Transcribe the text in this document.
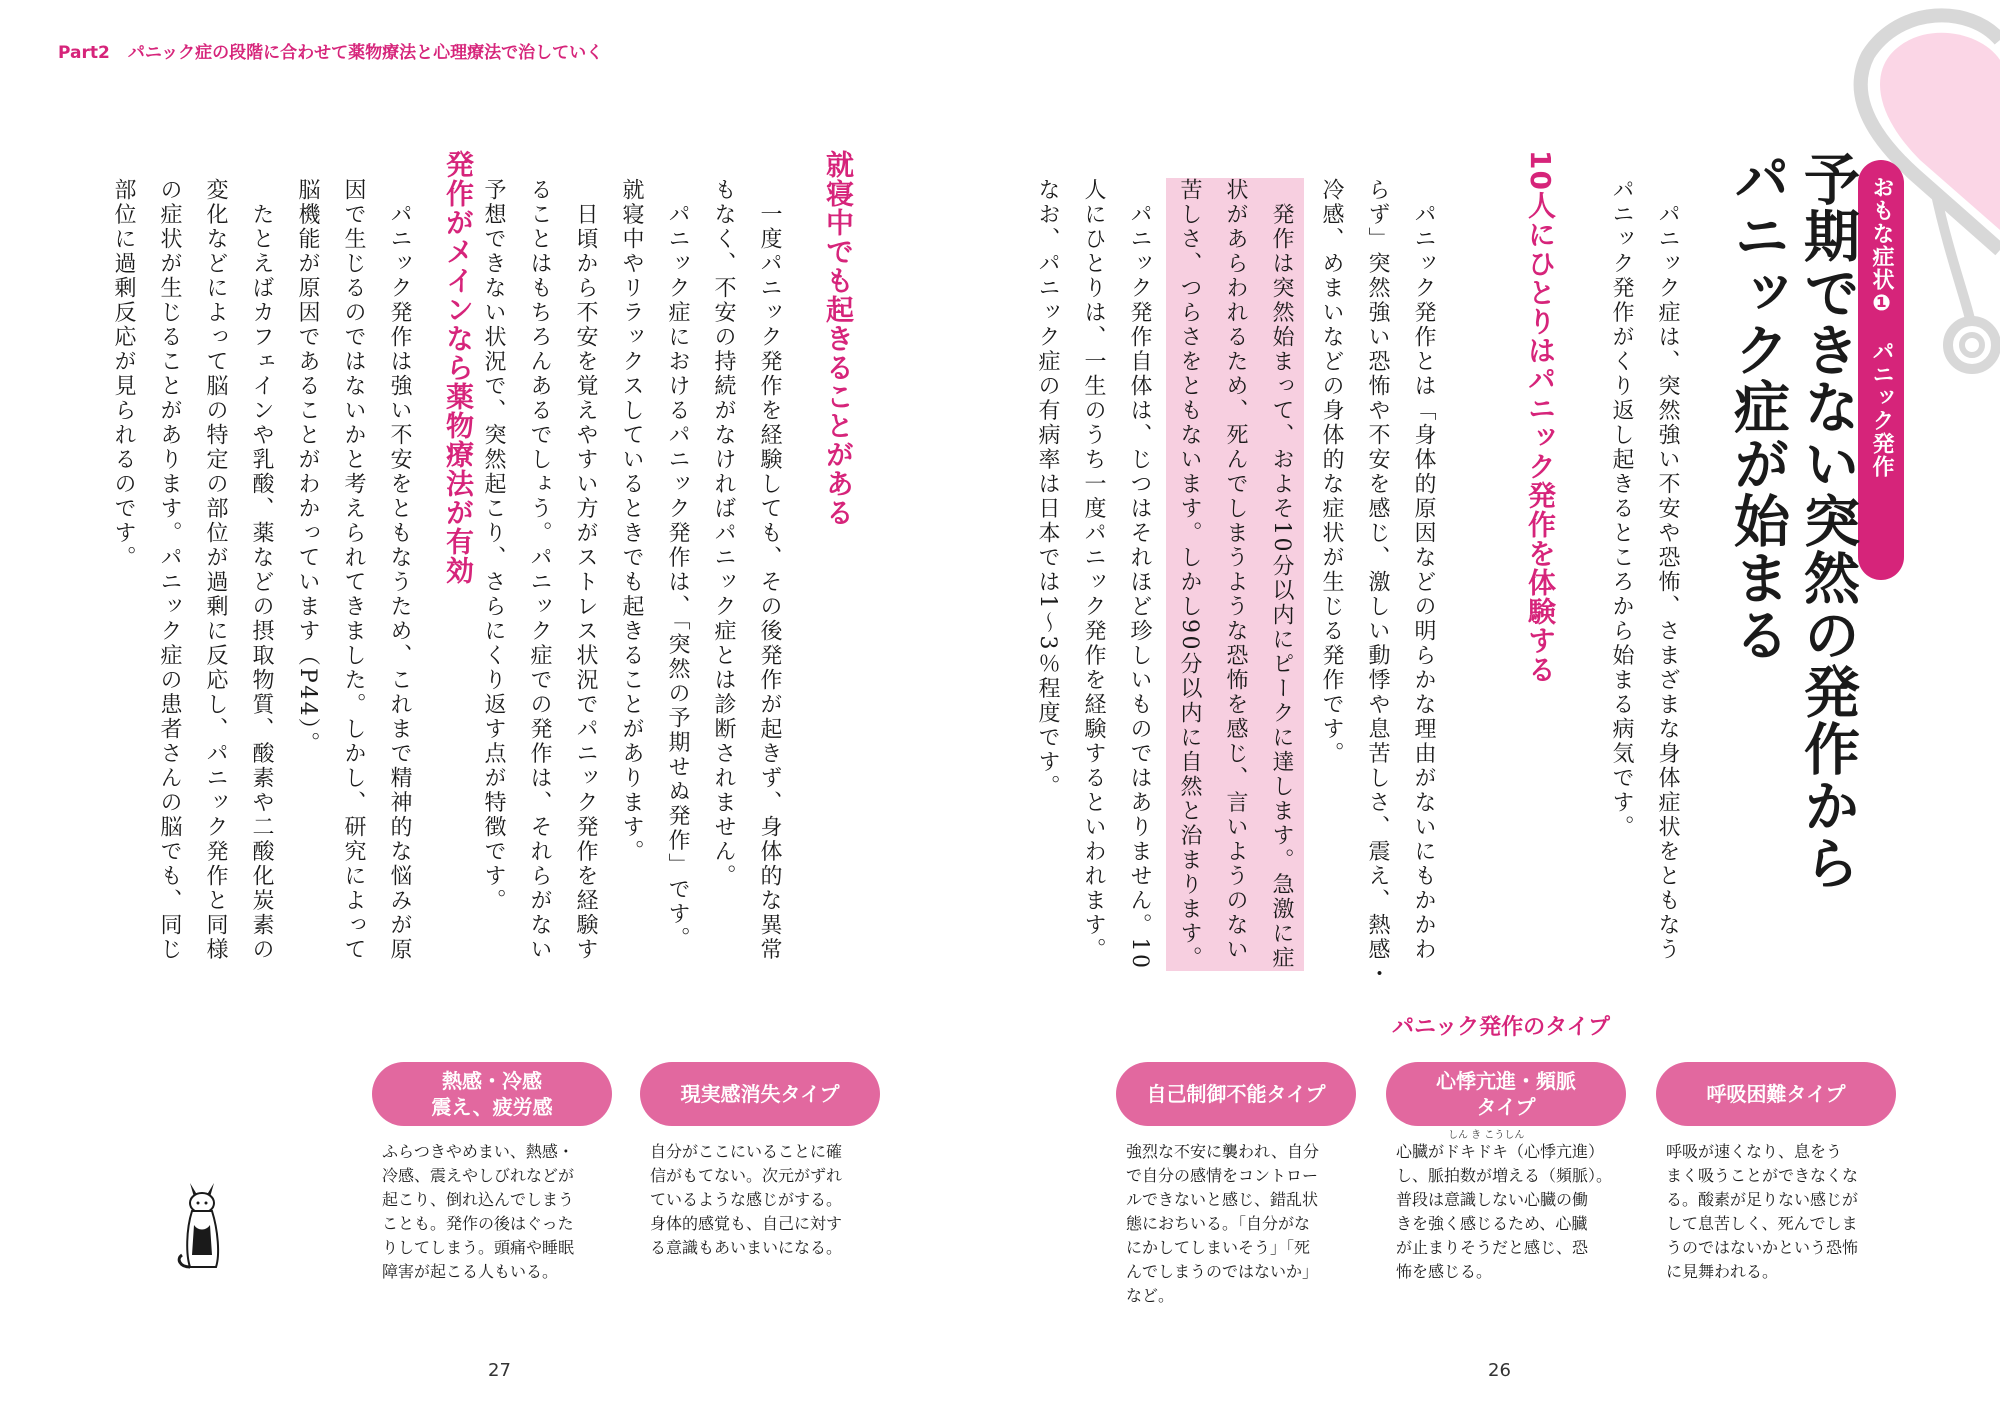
Part2 パニック症の段階に合わせて薬物療法と心理療法で治していく
おもな症状❶　パニック発作
予期できない突然の発作から
パニック症が始まる
　パニック症は、突然強い不安や恐怖、さまざまな身体症状をともなう
パニック発作がくり返し起きるところから始まる病気です。
10人にひとりはパニック発作を体験する
　パニック発作とは「身体的原因などの明らかな理由がないにもかかわ
らず」突然強い恐怖や不安を感じ、激しい動悸や息苦しさ、震え、熱感・
冷感、めまいなどの身体的な症状が生じる発作です。
　発作は突然始まって、およそ10分以内にピークに達します。急激に症
状があらわれるため、死んでしまうような恐怖を感じ、言いようのない
苦しさ、つらさをともないます。しかし90分以内に自然と治まります。
　パニック発作自体は、じつはそれほど珍しいものではありません。10
人にひとりは、一生のうち一度パニック発作を経験するといわれます。
なお、パニック症の有病率は日本では1〜3％程度です。
就寝中でも起きることがある
　一度パニック発作を経験しても、その後発作が起きず、身体的な異常
もなく、不安の持続がなければパニック症とは診断されません。
　パニック症におけるパニック発作は、「突然の予期せぬ発作」です。
就寝中やリラックスしているときでも起きることがあります。
　日頃から不安を覚えやすい方がストレス状況でパニック発作を経験す
ることはもちろんあるでしょう。パニック症での発作は、それらがない
予想できない状況で、突然起こり、さらにくり返す点が特徴です。
発作がメインなら薬物療法が有効
　パニック発作は強い不安をともなうため、これまで精神的な悩みが原
因で生じるのではないかと考えられてきました。しかし、研究によって
脳機能が原因であることがわかっています（P44）。
　たとえばカフェインや乳酸、薬などの摂取物質、酸素や二酸化炭素の
変化などによって脳の特定の部位が過剰に反応し、パニック発作と同様
の症状が生じることがあります。パニック症の患者さんの脳でも、同じ
部位に過剰反応が見られるのです。
パニック発作のタイプ
熱感・冷感
震え、疲労感
ふらつきやめまい、熱感・
冷感、震えやしびれなどが
起こり、倒れ込んでしまう
ことも。発作の後はぐった
りしてしまう。頭痛や睡眠
障害が起こる人もいる。
現実感消失タイプ
自分がここにいることに確
信がもてない。次元がずれ
ているような感じがする。
身体的感覚も、自己に対す
る意識もあいまいになる。
自己制御不能タイプ
強烈な不安に襲われ、自分
で自分の感情をコントロー
ルできないと感じ、錯乱状
態におちいる。「自分がな
にかしてしまいそう」「死
んでしまうのではないか」
など。
心悸亢進・頻脈
タイプ
しん き こうしん
心臓がドキドキ（心悸亢進）
し、脈拍数が増える（頻脈）。
普段は意識しない心臓の働
きを強く感じるため、心臓
が止まりそうだと感じ、恐
怖を感じる。
呼吸困難タイプ
呼吸が速くなり、息をう
まく吸うことができなくな
る。酸素が足りない感じが
して息苦しく、死んでしま
うのではないかという恐怖
に見舞われる。
27	26
